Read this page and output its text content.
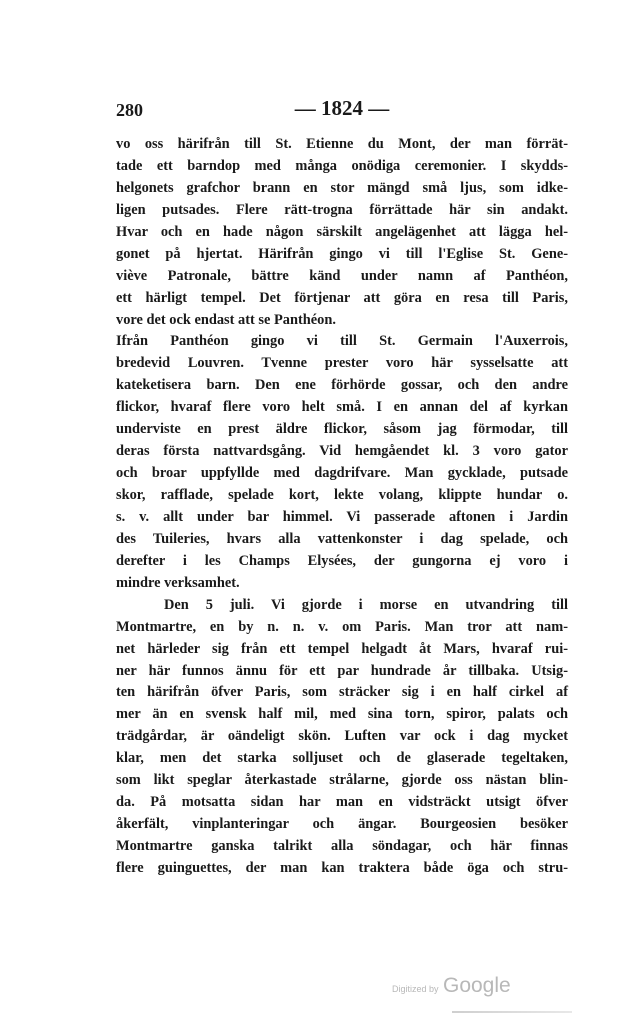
280	— 1824 —
vo oss härifrån till St. Etienne du Mont, der man förrät-
tade ett barndop med många onödiga ceremonier. I skydds-
helgonets grafchor brann en stor mängd små ljus, som idke-
ligen putsades. Flere rätt-trogna förrättade här sin andakt.
Hvar och en hade någon särskilt angelägenhet att lägga hel-
gonet på hjertat. Härifrån gingo vi till l'Eglise St. Gene-
viève Patronale, bättre känd under namn af Panthéon,
ett härligt tempel. Det förtjenar att göra en resa till Paris,
vore det ock endast att se Panthéon.
Ifrån Panthéon gingo vi till St. Germain l'Auxerrois,
bredevid Louvren. Tvenne prester voro här sysselsatte att
kateketisera barn. Den ene förhörde gossar, och den andre
flickor, hvaraf flere voro helt små. I en annan del af kyrkan
underviste en prest äldre flickor, såsom jag förmodar, till
deras första nattvardsgång. Vid hemgåendet kl. 3 voro gator
och broar uppfyllde med dagdrifvare. Man gycklade, putsade
skor, rafflade, spelade kort, lekte volang, klippte hundar o.
s. v. allt under bar himmel. Vi passerade aftonen i Jardin
des Tuileries, hvars alla vattenkonster i dag spelade, och
derefter i les Champs Elysées, der gungorna ej voro i
mindre verksamhet.
Den 5 juli. Vi gjorde i morse en utvandring till
Montmartre, en by n. n. v. om Paris. Man tror att nam-
net härleder sig från ett tempel helgadt åt Mars, hvaraf rui-
ner här funnos ännu för ett par hundrade år tillbaka. Utsig-
ten härifrån öfver Paris, som sträcker sig i en half cirkel af
mer än en svensk half mil, med sina torn, spiror, palats och
trädgårdar, är oändeligt skön. Luften var ock i dag mycket
klar, men det starka solljuset och de glaserade tegeltaken,
som likt speglar återkastade strålarne, gjorde oss nästan blin-
da. På motsatta sidan har man en vidsträckt utsigt öfver
åkerfält, vinplanteringar och ängar. Bourgeosien besöker
Montmartre ganska talrikt alla söndagar, och här finnas
flere guinguettes, der man kan traktera både öga och stru-
Digitized by Google
